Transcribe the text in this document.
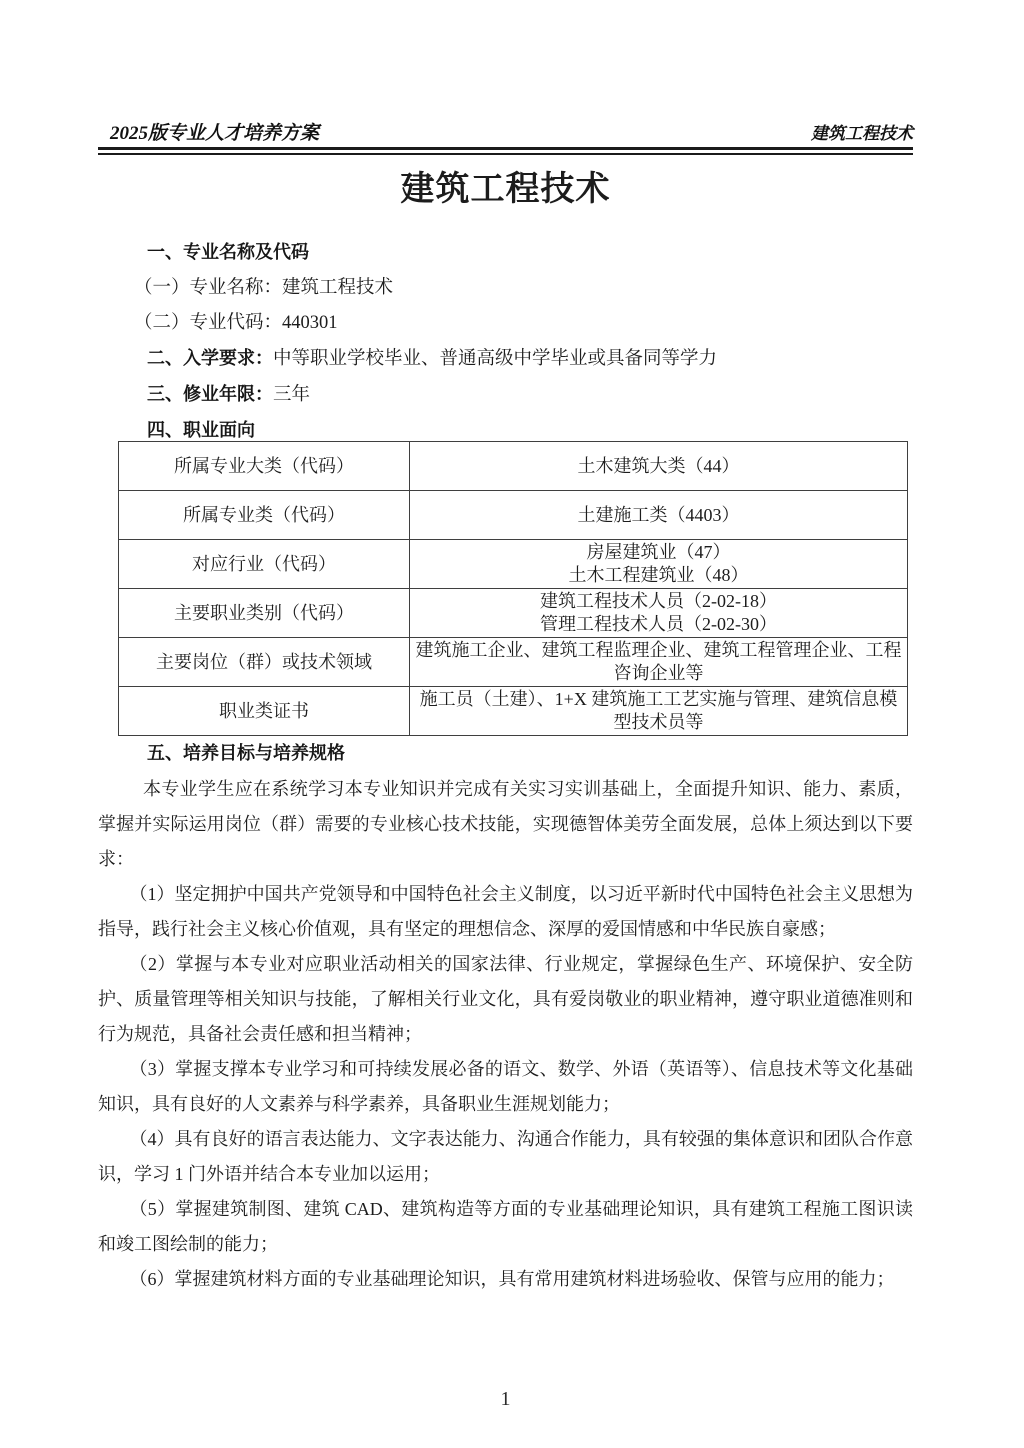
2025版专业人才培养方案	建筑工程技术
建筑工程技术
一、专业名称及代码
（一）专业名称：建筑工程技术
（二）专业代码：440301
二、入学要求：中等职业学校毕业、普通高级中学毕业或具备同等学力
三、修业年限：三年
四、职业面向
所属专业大类（代码）	土木建筑大类（44）

所属专业类（代码）	土建施工类（4403）

对应行业（代码）	房屋建筑业（47）
土木工程建筑业（48）

主要职业类别（代码）	建筑工程技术人员（2-02-18）
管理工程技术人员（2-02-30）

主要岗位（群）或技术领域	建筑施工企业、建筑工程监理企业、建筑工程管理企业、工程咨询企业等

职业类证书	施工员（土建）、1+X 建筑施工工艺实施与管理、建筑信息模型技术员等
五、培养目标与培养规格

本专业学生应在系统学习本专业知识并完成有关实习实训基础上，全面提升知识、能力、素质，掌握并实际运用岗位（群）需要的专业核心技术技能，实现德智体美劳全面发展，总体上须达到以下要求：

（1）坚定拥护中国共产党领导和中国特色社会主义制度，以习近平新时代中国特色社会主义思想为指导，践行社会主义核心价值观，具有坚定的理想信念、深厚的爱国情感和中华民族自豪感；

（2）掌握与本专业对应职业活动相关的国家法律、行业规定，掌握绿色生产、环境保护、安全防护、质量管理等相关知识与技能，了解相关行业文化，具有爱岗敬业的职业精神，遵守职业道德准则和行为规范，具备社会责任感和担当精神；

（3）掌握支撑本专业学习和可持续发展必备的语文、数学、外语（英语等）、信息技术等文化基础知识，具有良好的人文素养与科学素养，具备职业生涯规划能力；

（4）具有良好的语言表达能力、文字表达能力、沟通合作能力，具有较强的集体意识和团队合作意识，学习 1 门外语并结合本专业加以运用；

（5）掌握建筑制图、建筑 CAD、建筑构造等方面的专业基础理论知识，具有建筑工程施工图识读和竣工图绘制的能力；

（6）掌握建筑材料方面的专业基础理论知识，具有常用建筑材料进场验收、保管与应用的能力；

1
